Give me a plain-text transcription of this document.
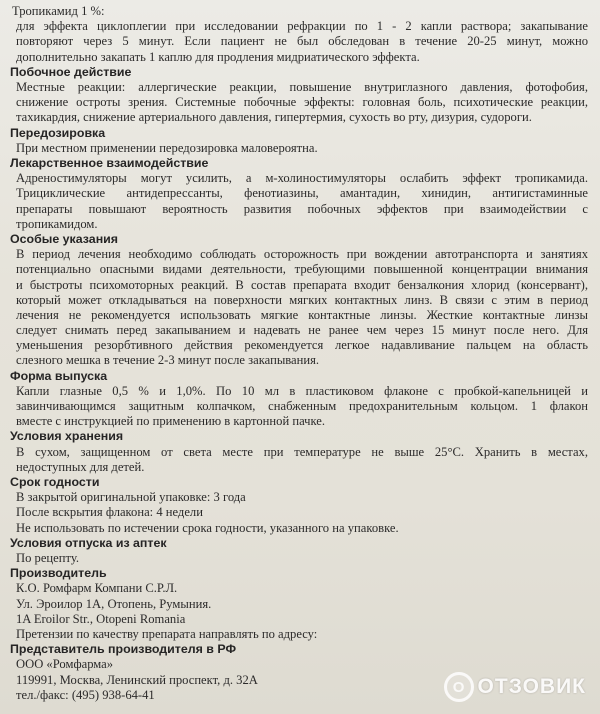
Тропикамид 1 %:
для эффекта циклоплегии при исследовании рефракции по 1 - 2 капли раствора; закапывание
повторяют через 5 минут. Если пациент не был обследован в течение 20-25 минут, можно
дополнительно закапать 1 каплю для продления мидриатического эффекта.
Побочное действие
Местные реакции: аллергические реакции, повышение внутриглазного давления, фотофобия,
снижение остроты зрения. Системные побочные эффекты: головная боль, психотические реакции,
тахикардия, снижение артериального давления, гипертермия, сухость во рту, дизурия, судороги.
Передозировка
При местном применении передозировка маловероятна.
Лекарственное взаимодействие
Адреностимуляторы могут усилить, а м-холиностимуляторы ослабить эффект тропикамида.
Трициклические антидепрессанты, фенотиазины, амантадин, хинидин, антигистаминные
препараты повышают вероятность развития побочных эффектов при взаимодействии с
тропикамидом.
Особые указания
В период лечения необходимо соблюдать осторожность при вождении автотранспорта и занятиях
потенциально опасными видами деятельности, требующими повышенной концентрации внимания
и быстроты психомоторных реакций. В состав препарата входит бензалкония хлорид (консервант),
который может откладываться на поверхности мягких контактных линз. В связи с этим в период
лечения не рекомендуется использовать мягкие контактные линзы. Жесткие контактные линзы
следует снимать перед закапыванием и надевать не ранее чем через 15 минут после него. Для
уменьшения резорбтивного действия рекомендуется легкое надавливание пальцем на область
слезного мешка в течение 2-3 минут после закапывания.
Форма выпуска
Капли глазные 0,5 % и 1,0%. По 10 мл в пластиковом флаконе с пробкой-капельницей и
завинчивающимся защитным колпачком, снабженным предохранительным кольцом. 1 флакон
вместе с инструкцией по применению в картонной пачке.
Условия хранения
В сухом, защищенном от света месте при температуре не выше 25°С. Хранить в местах,
недоступных для детей.
Срок годности
В закрытой оригинальной упаковке: 3 года
После вскрытия флакона: 4 недели
Не использовать по истечении срока годности, указанного на упаковке.
Условия отпуска из аптек
По рецепту.
Производитель
К.О. Ромфарм Компани С.Р.Л.
Ул. Эроилор 1А, Отопень, Румыния.
1A Eroilor Str., Otopeni Romania
Претензии по качеству препарата направлять по адресу:
Представитель производителя в РФ
ООО «Ромфарма»
119991, Москва, Ленинский проспект, д. 32А
тел./факс: (495) 938-64-41	O ОТЗОВИК
